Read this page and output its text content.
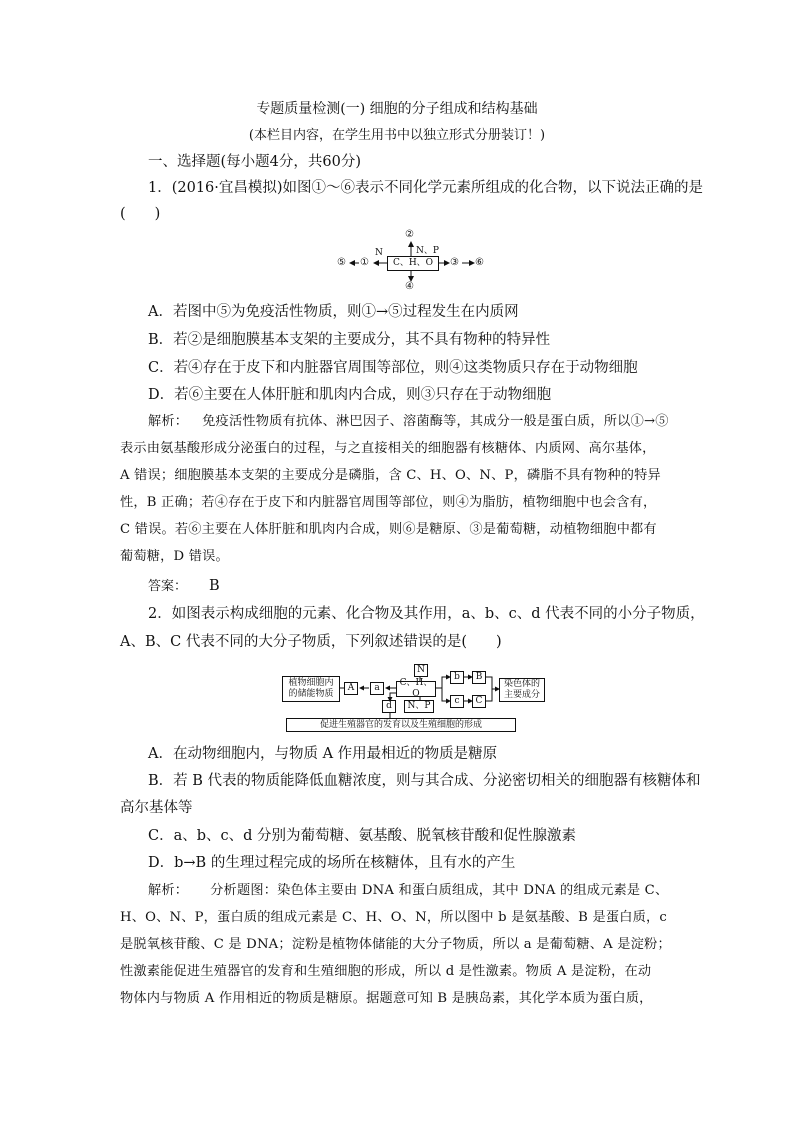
专题质量检测(一) 细胞的分子组成和结构基础
(本栏目内容，在学生用书中以独立形式分册装订！)
一、选择题(每小题4分，共60分)
1．(2016·宜昌模拟)如图①～⑥表示不同化学元素所组成的化合物，以下说法正确的是
(　　)
C、H、O
②
N、P
N
①
⑤	③ ⑥
④
A．若图中⑤为免疫活性物质，则①→⑤过程发生在内质网
B．若②是细胞膜基本支架的主要成分，其不具有物种的特异性
C．若④存在于皮下和内脏器官周围等部位，则④这类物质只存在于动物细胞
D．若⑥主要在人体肝脏和肌肉内合成，则③只存在于动物细胞
解析： 免疫活性物质有抗体、淋巴因子、溶菌酶等，其成分一般是蛋白质，所以①→⑤
表示由氨基酸形成分泌蛋白的过程，与之直接相关的细胞器有核糖体、内质网、高尔基体，
A 错误；细胞膜基本支架的主要成分是磷脂，含 C、H、O、N、P，磷脂不具有物种的特异
性，B 正确；若④存在于皮下和内脏器官周围等部位，则④为脂肪，植物细胞中也会含有，
C 错误。若⑥主要在人体肝脏和肌肉内合成，则⑥是糖原、③是葡萄糖，动植物细胞中都有
葡萄糖，D 错误。
答案： B
2．如图表示构成细胞的元素、化合物及其作用，a、b、c、d 代表不同的小分子物质，
A、B、C 代表不同的大分子物质，下列叙述错误的是(　　)
植物细胞内的储能物质
A	a	C、H、O
N
N、P
d
b
c
B
C
染色体的主要成分
促进生殖器官的发育以及生殖细胞的形成
A．在动物细胞内，与物质 A 作用最相近的物质是糖原
B．若 B 代表的物质能降低血糖浓度，则与其合成、分泌密切相关的细胞器有核糖体和
高尔基体等
C．a、b、c、d 分别为葡萄糖、氨基酸、脱氧核苷酸和促性腺激素
D．b→B 的生理过程完成的场所在核糖体，且有水的产生
解析： 分析题图：染色体主要由 DNA 和蛋白质组成，其中 DNA 的组成元素是 C、
H、O、N、P，蛋白质的组成元素是 C、H、O、N，所以图中 b 是氨基酸、B 是蛋白质，c
是脱氧核苷酸、C 是 DNA；淀粉是植物体储能的大分子物质，所以 a 是葡萄糖、A 是淀粉；
性激素能促进生殖器官的发育和生殖细胞的形成，所以 d 是性激素。物质 A 是淀粉，在动
物体内与物质 A 作用相近的物质是糖原。据题意可知 B 是胰岛素，其化学本质为蛋白质，
